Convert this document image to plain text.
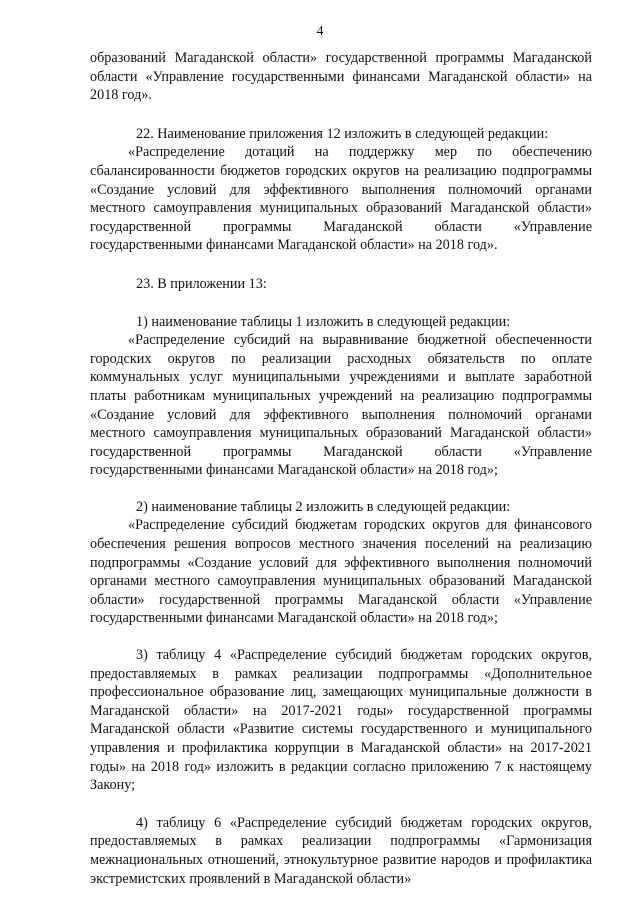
4

образований Магаданской области» государственной программы Магаданской области «Управление государственными финансами Магаданской области» на 2018 год».

22. Наименование приложения 12 изложить в следующей редакции:

«Распределение дотаций на поддержку мер по обеспечению сбалансированности бюджетов городских округов на реализацию подпрограммы «Создание условий для эффективного выполнения полномочий органами местного самоуправления муниципальных образований Магаданской области» государственной программы Магаданской области «Управление государственными финансами Магаданской области» на 2018 год».

23. В приложении 13:

1) наименование таблицы 1 изложить в следующей редакции:

«Распределение субсидий на выравнивание бюджетной обеспеченности городских округов по реализации расходных обязательств по оплате коммунальных услуг муниципальными учреждениями и выплате заработной платы работникам муниципальных учреждений на реализацию подпрограммы «Создание условий для эффективного выполнения полномочий органами местного самоуправления муниципальных образований Магаданской области» государственной программы Магаданской области «Управление государственными финансами Магаданской области» на 2018 год»;

2) наименование таблицы 2 изложить в следующей редакции:

«Распределение субсидий бюджетам городских округов для финансового обеспечения решения вопросов местного значения поселений на реализацию подпрограммы «Создание условий для эффективного выполнения полномочий органами местного самоуправления муниципальных образований Магаданской области» государственной программы Магаданской области «Управление государственными финансами Магаданской области» на 2018 год»;

3) таблицу 4 «Распределение субсидий бюджетам городских округов, предоставляемых в рамках реализации подпрограммы «Дополнительное профессиональное образование лиц, замещающих муниципальные должности в Магаданской области» на 2017-2021 годы» государственной программы Магаданской области «Развитие системы государственного и муниципального управления и профилактика коррупции в Магаданской области» на 2017-2021 годы» на 2018 год» изложить в редакции согласно приложению 7 к настоящему Закону;

4) таблицу 6 «Распределение субсидий бюджетам городских округов, предоставляемых в рамках реализации подпрограммы «Гармонизация межнациональных отношений, этнокультурное развитие народов и профилактика экстремистских проявлений в Магаданской области»
